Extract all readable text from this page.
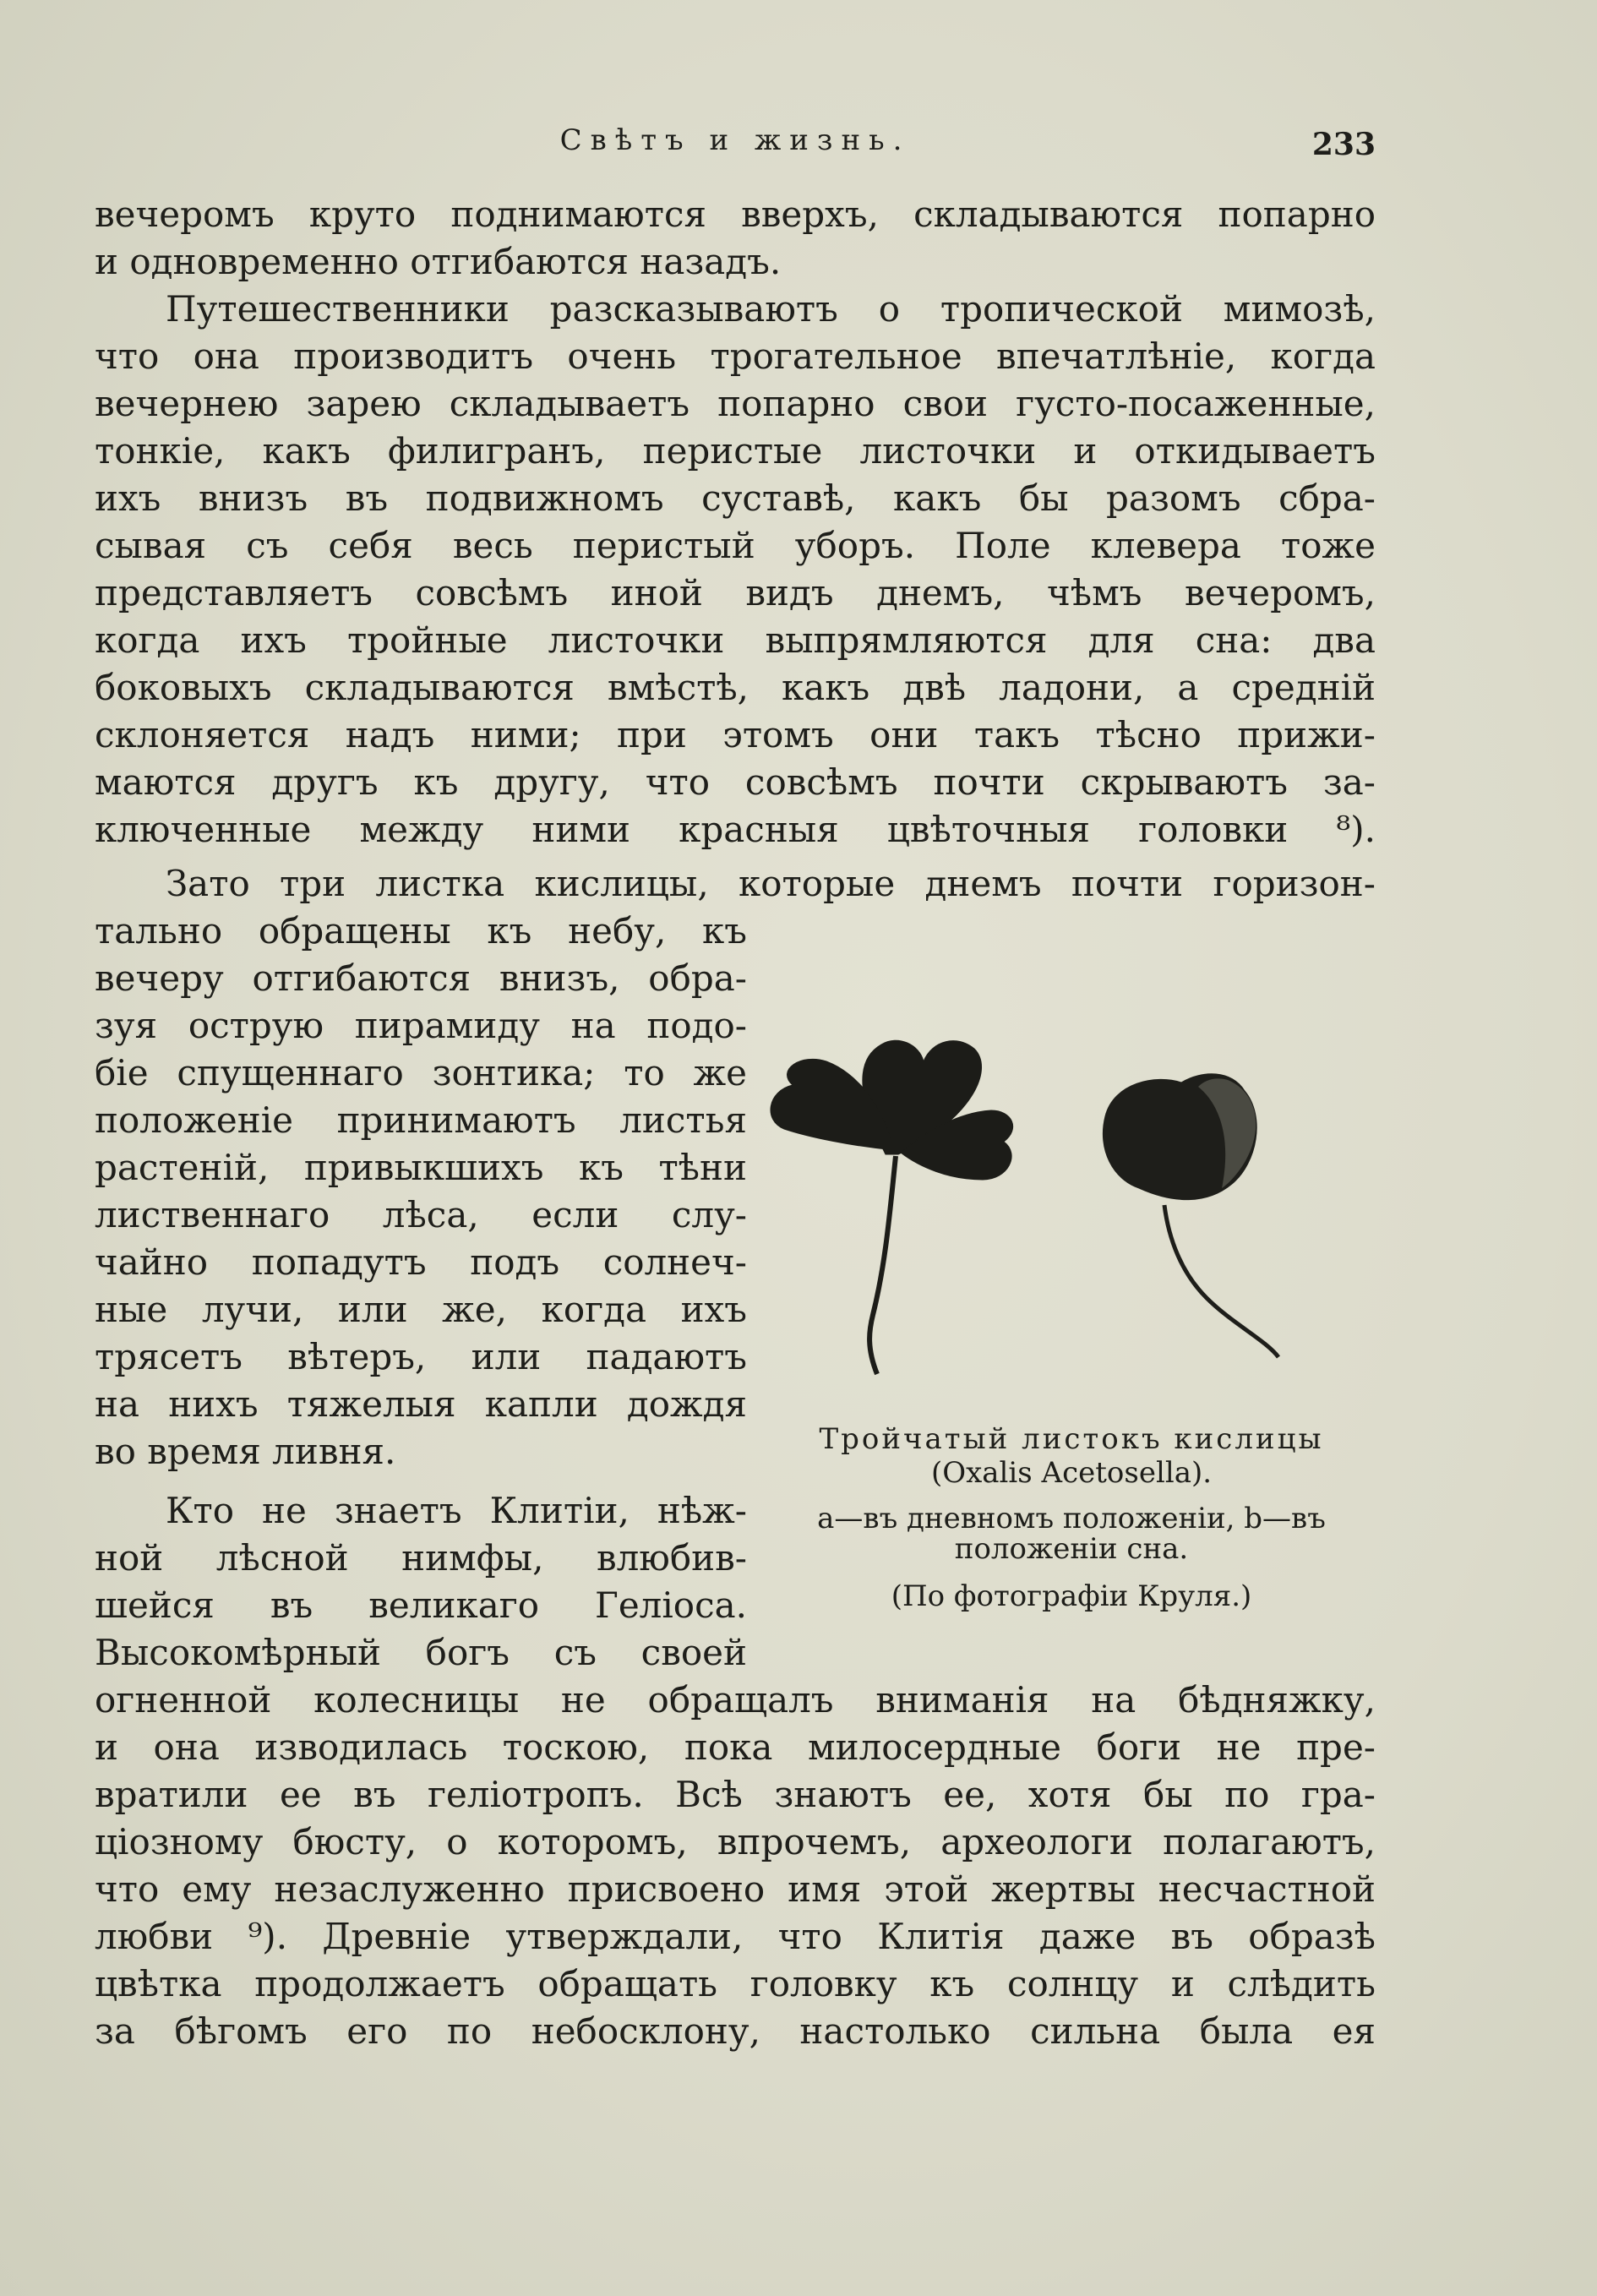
Свѣтъ и жизнь.	233
вечеромъ круто поднимаются вверхъ, складываются попарно
и одновременно отгибаются назадъ.
Путешественники разсказываютъ о тропической мимозѣ,
что она производитъ очень трогательное впечатлѣніе, когда
вечернею зарею складываетъ попарно свои густо-посаженные,
тонкіе, какъ филигранъ, перистые листочки и откидываетъ
ихъ внизъ въ подвижномъ суставѣ, какъ бы разомъ сбра-
сывая съ себя весь перистый уборъ. Поле клевера тоже
представляетъ совсѣмъ иной видъ днемъ, чѣмъ вечеромъ,
когда ихъ тройные листочки выпрямляются для сна: два
боковыхъ складываются вмѣстѣ, какъ двѣ ладони, а средній
склоняется надъ ними; при этомъ они такъ тѣсно прижи-
маются другъ къ другу, что совсѣмъ почти скрываютъ за-
ключенные между ними красныя цвѣточныя головки ⁸).
Зато три листка кислицы, которые днемъ почти горизон-
тально обращены къ небу, къ
вечеру отгибаются внизъ, обра-
зуя острую пирамиду на подо-
біе спущеннаго зонтика; то же
положеніе принимаютъ листья
растеній, привыкшихъ къ тѣни
лиственнаго лѣса, если слу-
чайно попадутъ подъ солнеч-
ные лучи, или же, когда ихъ
трясетъ вѣтеръ, или падаютъ
на нихъ тяжелыя капли дождя
во время ливня.
Кто не знаетъ Клитіи, нѣж-
ной лѣсной нимфы, влюбив-
шейся въ великаго Геліоса.
Высокомѣрный богъ съ своей
огненной колесницы не обращалъ вниманія на бѣдняжку,
и она изводилась тоскою, пока милосердные боги не пре-
вратили ее въ геліотропъ. Всѣ знаютъ ее, хотя бы по гра-
ціозному бюсту, о которомъ, впрочемъ, археологи полагаютъ,
что ему незаслуженно присвоено имя этой жертвы несчастной
любви ⁹). Древніе утверждали, что Клитія даже въ образѣ
цвѣтка продолжаетъ обращать головку къ солнцу и слѣдить
за бѣгомъ его по небосклону, настолько сильна была ея
Тройчатый листокъ кислицы
(Oxalis Acetosella).
а—въ дневномъ положеніи, b—въ
положеніи сна.
(По фотографіи Круля.)
